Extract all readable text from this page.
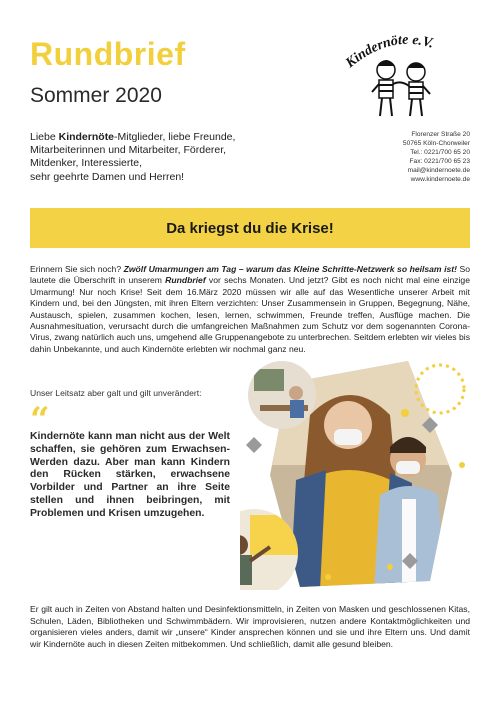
Rundbrief
Sommer 2020
Liebe Kindernöte-Mitglieder, liebe Freunde,
Mitarbeiterinnen und Mitarbeiter, Förderer,
Mitdenker, Interessierte,
sehr geehrte Damen und Herren!
Kindernöte e.V.
Florenzer Straße 20
50765 Köln-Chorweiler
Tel.: 0221/700 65 20
Fax: 0221/700 65 23
mail@kindernoete.de
www.kindernoete.de
Da kriegst du die Krise!
Erinnern Sie sich noch? Zwölf Umarmungen am Tag – warum das Kleine Schritte-Netzwerk so heilsam ist! So lautete die Überschrift in unserem Rundbrief vor sechs Monaten. Und jetzt? Gibt es noch nicht mal eine einzige Umarmung! Nur noch Krise! Seit dem 16.März 2020 müssen wir alle auf das Wesentliche unserer Arbeit mit Kindern und, bei den Jüngsten, mit ihren Eltern verzichten: Unser Zusammensein in Gruppen, Begegnung, Nähe, Austausch, spielen, zusammen kochen, lesen, lernen, schwimmen, Freunde treffen, Ausflüge machen. Die Ausnahmesituation, verursacht durch die umfangreichen Maßnahmen zum Schutz vor dem sogenannten Corona-Virus, zwang natürlich auch uns, umgehend alle Gruppenangebote zu unterbrechen. Seitdem erlebten wir vieles bis dahin Unbekannte, und auch Kindernöte erlebten wir nochmal ganz neu.
Unser Leitsatz aber galt und gilt unverändert:
“
Kindernöte kann man nicht aus der Welt schaffen, sie gehören zum Erwachsen-Werden dazu. Aber man kann Kindern den Rücken stärken, erwachsene Vorbilder und Partner an ihre Seite stellen und ihnen beibringen, mit Problemen und Krisen umzugehen.
Er gilt auch in Zeiten von Abstand halten und Desinfektionsmitteln, in Zeiten von Masken und geschlossenen Kitas, Schulen, Läden, Bibliotheken und Schwimmbädern. Wir improvisieren, nutzen andere Kontaktmöglichkeiten und organisieren vieles anders, damit wir „unsere“ Kinder ansprechen können und sie und ihre Eltern uns. Und damit wir Kindernöte auch in diesen Zeiten mitbekommen. Und schließlich, damit alle gesund bleiben.
